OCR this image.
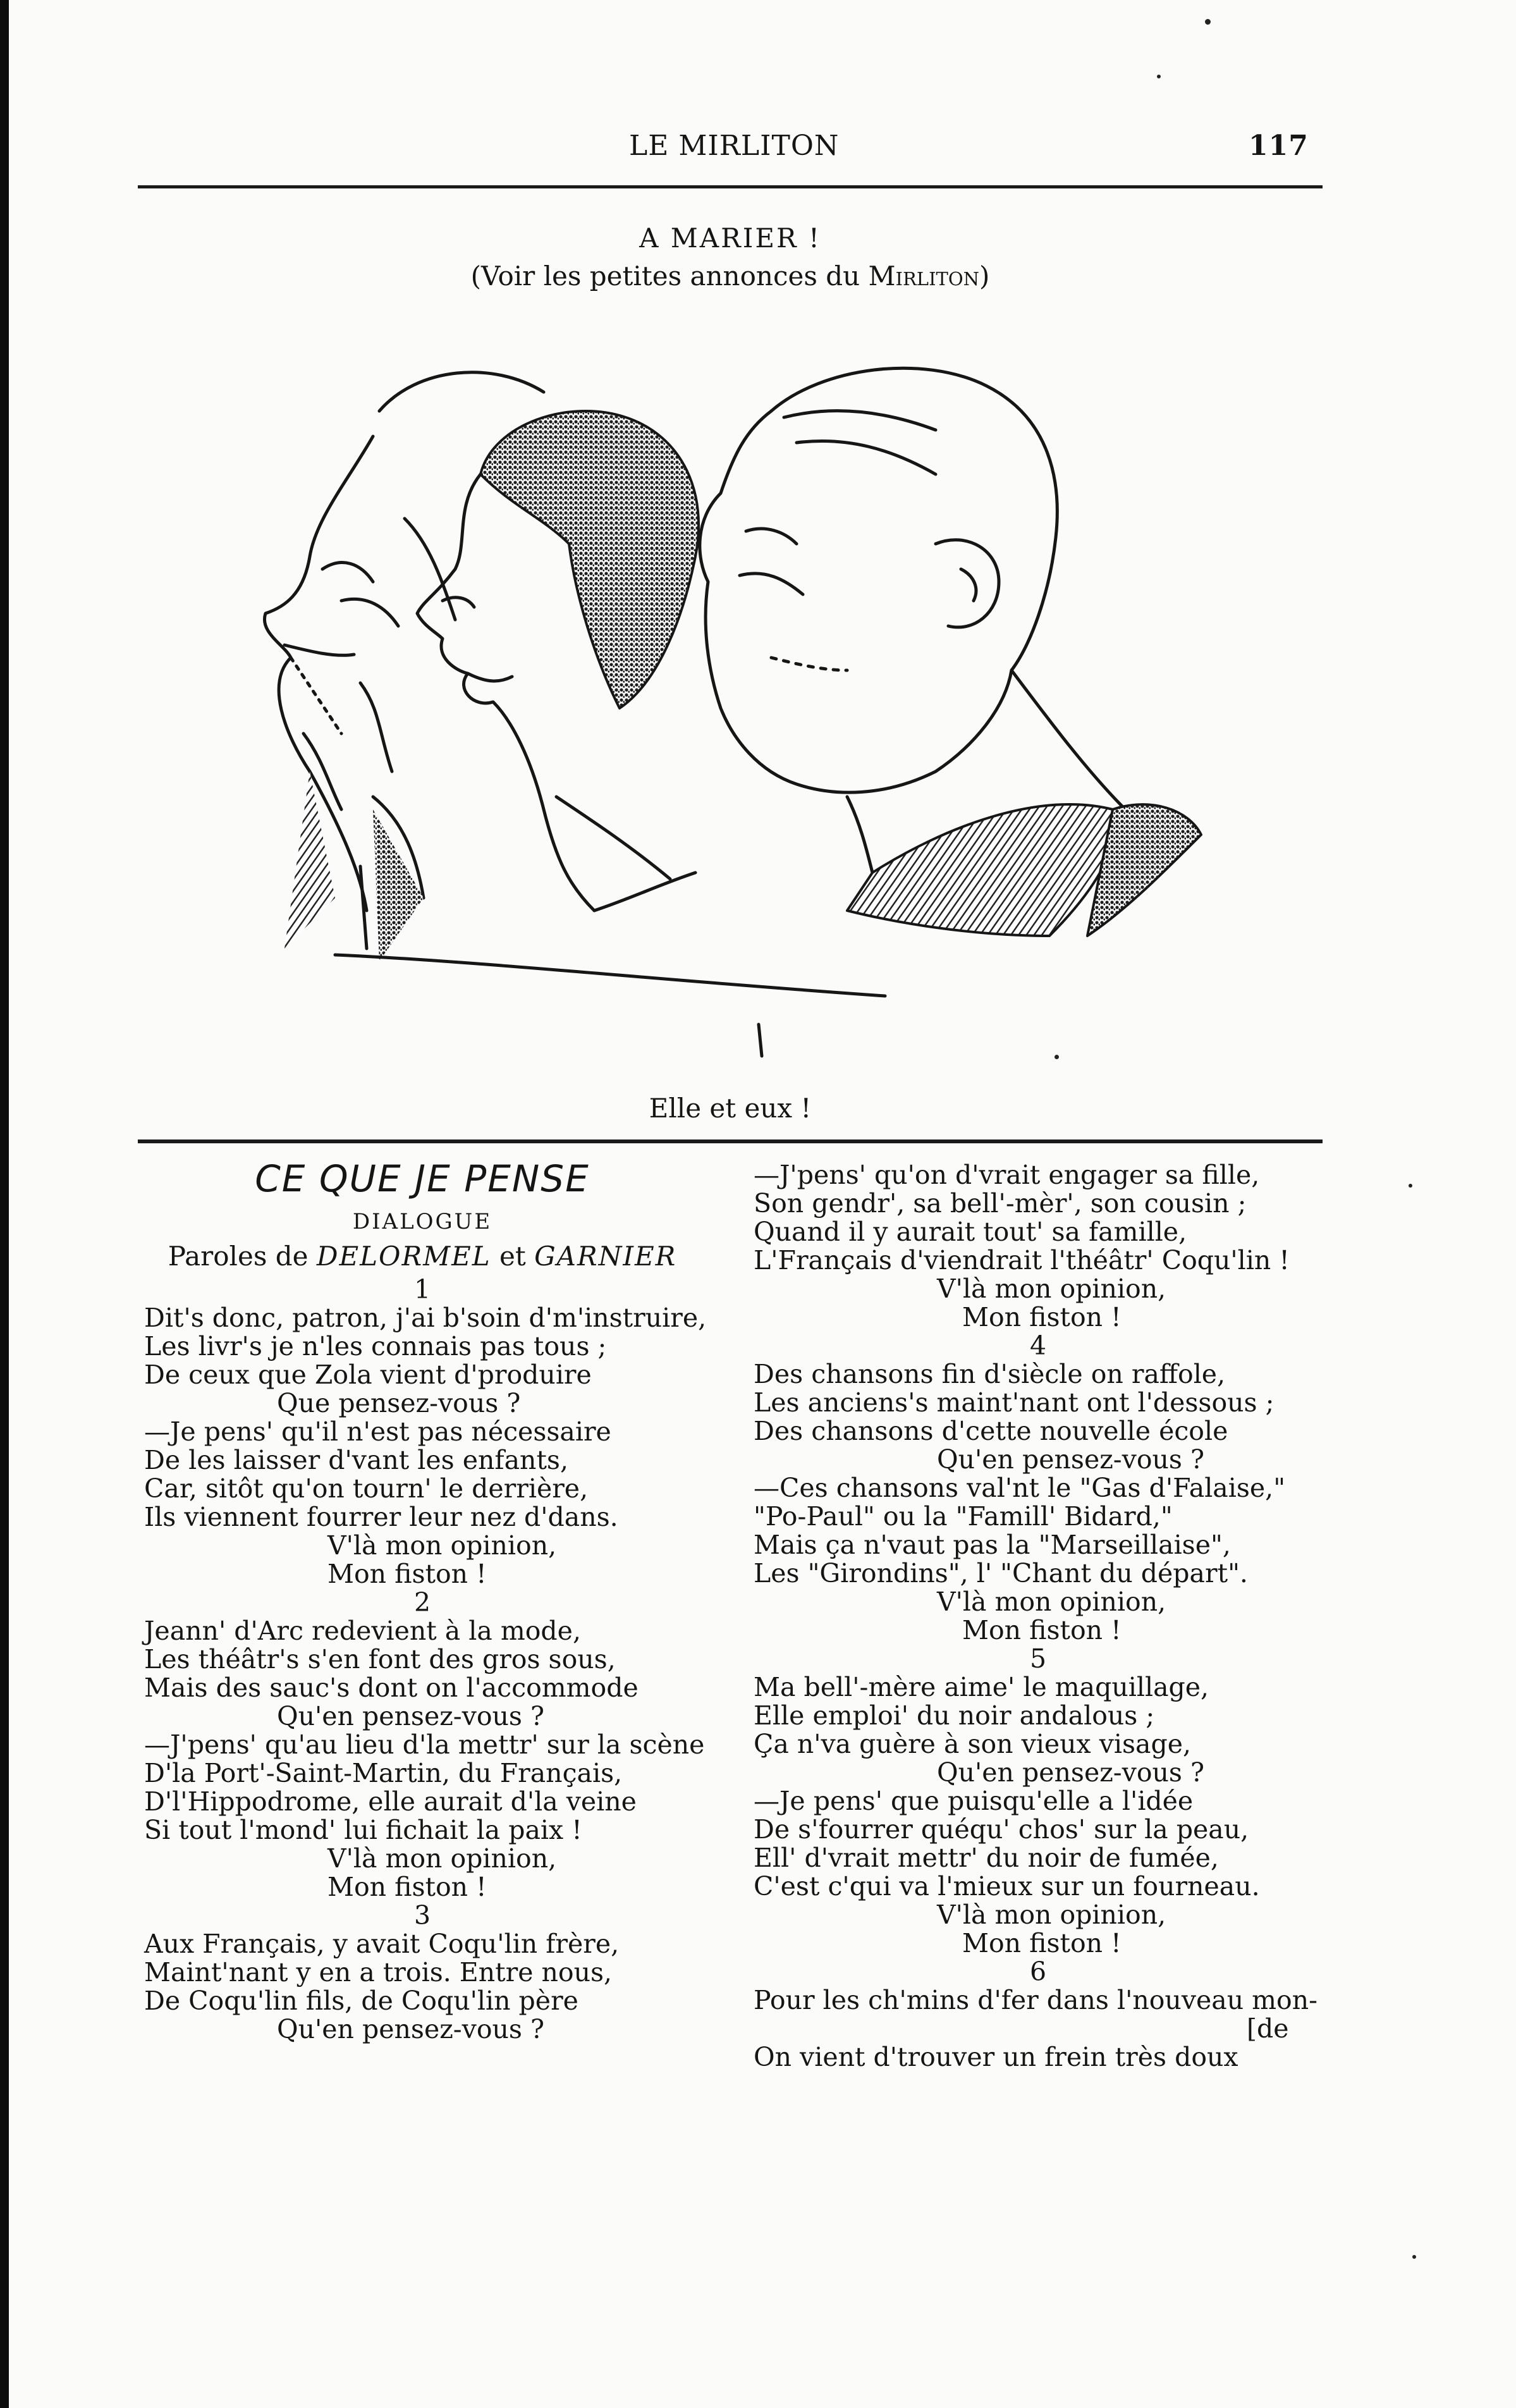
LE MIRLITON	117
A MARIER !
(Voir les petites annonces du Mirliton)
Elle et eux !
CE QUE JE PENSE
DIALOGUE
Paroles de DELORMEL et GARNIER
1
Dit's donc, patron, j'ai b'soin d'm'instruire,
Les livr's je n'les connais pas tous ;
De ceux que Zola vient d'produire
Que pensez-vous ?
—Je pens' qu'il n'est pas nécessaire
De les laisser d'vant les enfants,
Car, sitôt qu'on tourn' le derrière,
Ils viennent fourrer leur nez d'dans.
V'là mon opinion,
Mon fiston !
2
Jeann' d'Arc redevient à la mode,
Les théâtr's s'en font des gros sous,
Mais des sauc's dont on l'accommode
Qu'en pensez-vous ?
—J'pens' qu'au lieu d'la mettr' sur la scène
D'la Port'-Saint-Martin, du Français,
D'l'Hippodrome, elle aurait d'la veine
Si tout l'mond' lui fichait la paix !
V'là mon opinion,
Mon fiston !
3
Aux Français, y avait Coqu'lin frère,
Maint'nant y en a trois. Entre nous,
De Coqu'lin fils, de Coqu'lin père
Qu'en pensez-vous ?
—J'pens' qu'on d'vrait engager sa fille,
Son gendr', sa bell'-mèr', son cousin ;
Quand il y aurait tout' sa famille,
L'Français d'viendrait l'théâtr' Coqu'lin !
V'là mon opinion,
Mon fiston !
4
Des chansons fin d'siècle on raffole,
Les anciens's maint'nant ont l'dessous ;
Des chansons d'cette nouvelle école
Qu'en pensez-vous ?
—Ces chansons val'nt le "Gas d'Falaise,"
"Po-Paul" ou la "Famill' Bidard,"
Mais ça n'vaut pas la "Marseillaise",
Les "Girondins", l' "Chant du départ".
V'là mon opinion,
Mon fiston !
5
Ma bell'-mère aime' le maquillage,
Elle emploi' du noir andalous ;
Ça n'va guère à son vieux visage,
Qu'en pensez-vous ?
—Je pens' que puisqu'elle a l'idée
De s'fourrer quéqu' chos' sur la peau,
Ell' d'vrait mettr' du noir de fumée,
C'est c'qui va l'mieux sur un fourneau.
V'là mon opinion,
Mon fiston !
6
Pour les ch'mins d'fer dans l'nouveau mon-
[de
On vient d'trouver un frein très doux
